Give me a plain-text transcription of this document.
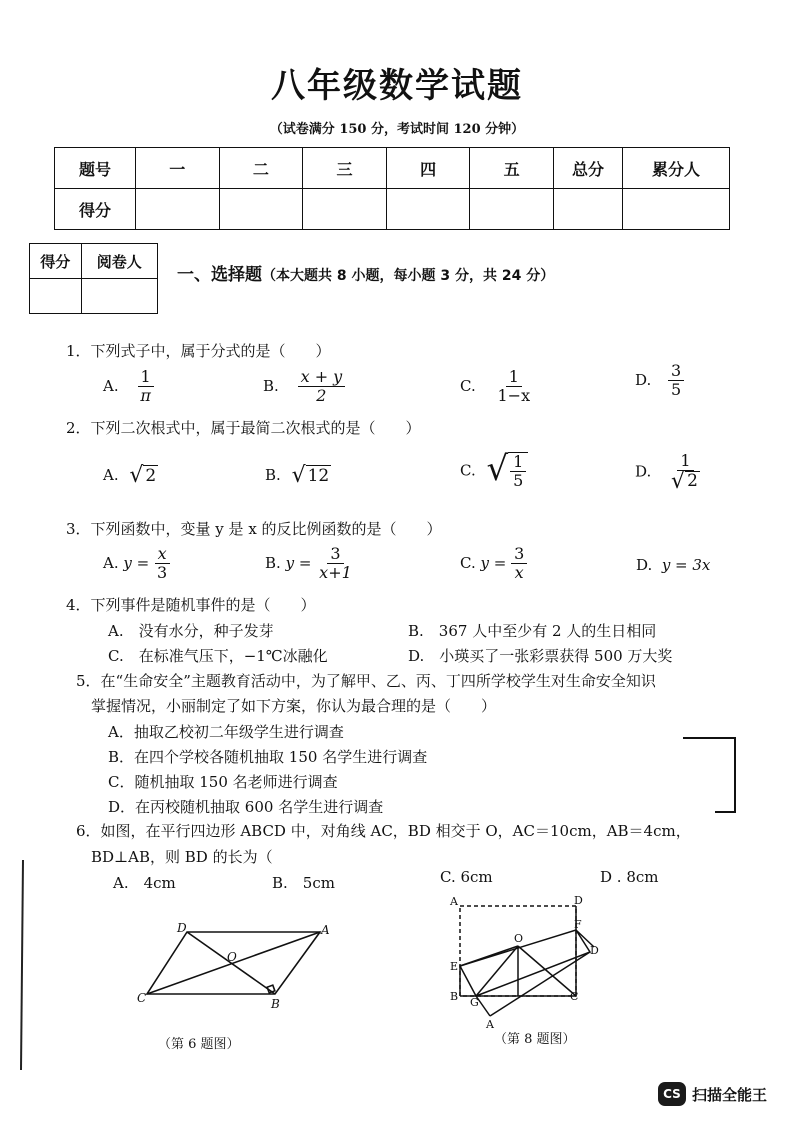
八年级数学试题
（试卷满分 150 分，考试时间 120 分钟）
题号	一	二	三	四	五	总分	累分人
得分							
得分	阅卷人

一、选择题（本大题共 8 小题，每小题 3 分，共 24 分）
1．下列式子中，属于分式的是（　　）
A. $\frac{1}{\pi}$	B. $\frac{x + y}{2}$	C. $\frac{1}{1-x}$	D. $\frac{3}{5}$
2．下列二次根式中，属于最简二次根式的是（　　）
A. √ 2	B. √ 12	C. √ $\frac{1}{5}$	D. $\frac{1}{√ 2}$
3．下列函数中，变量 y 是 x 的反比例函数的是（　　）
A. $y = \frac{x}{3}$	B. $y = \frac{3}{x+1}$	C. $y = \frac{3}{x}$	D. y = 3x
4．下列事件是随机事件的是（　　）
A.　没有水分，种子发芽	B.　367 人中至少有 2 人的生日相同
C.　在标准气压下，−1℃冰融化	D.　小瑛买了一张彩票获得 500 万大奖
5．在“生命安全”主题教育活动中，为了解甲、乙、丙、丁四所学校学生对生命安全知识
掌握情况，小丽制定了如下方案，你认为最合理的是（　　）
A．抽取乙校初二年级学生进行调查
B．在四个学校各随机抽取 150 名学生进行调查
C．随机抽取 150 名老师进行调查
D．在丙校随机抽取 600 名学生进行调查
6．如图，在平行四边形 ABCD 中，对角线 AC，BD 相交于 O，AC＝10cm，AB＝4cm，
BD⊥AB，则 BD 的长为（
A.　4cm	B.　5cm	C. 6cm	D . 8cm
D	A
C	B
O
（第 6 题图）
A	D
F
D
O
E
B G	C
A
（第 8 题图）
CS 扫描全能王
